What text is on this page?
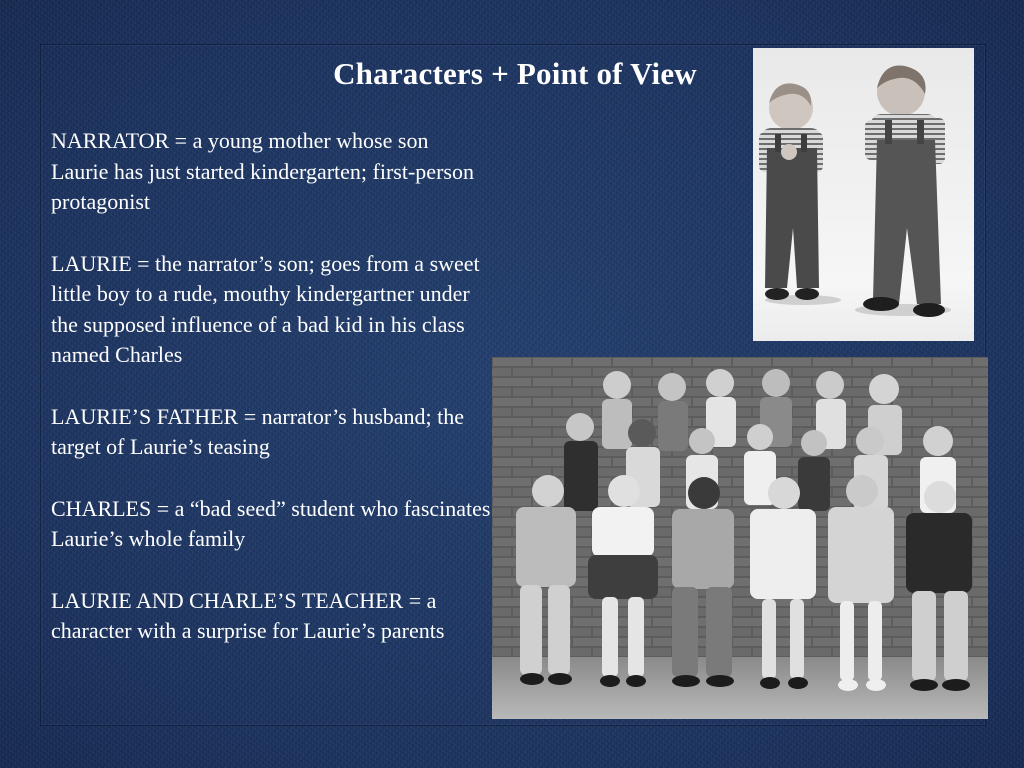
Characters + Point of View

NARRATOR = a young mother whose son Laurie has just started kindergarten; first-person protagonist

LAURIE = the narrator’s son; goes from a sweet little boy to a rude, mouthy kindergartner under the supposed influence of a bad kid in his class named Charles

LAURIE’S FATHER = narrator’s husband; the target of Laurie’s teasing

CHARLES = a “bad seed” student who fascinates Laurie’s whole family

LAURIE AND CHARLE’S TEACHER = a character with a surprise for Laurie’s parents
